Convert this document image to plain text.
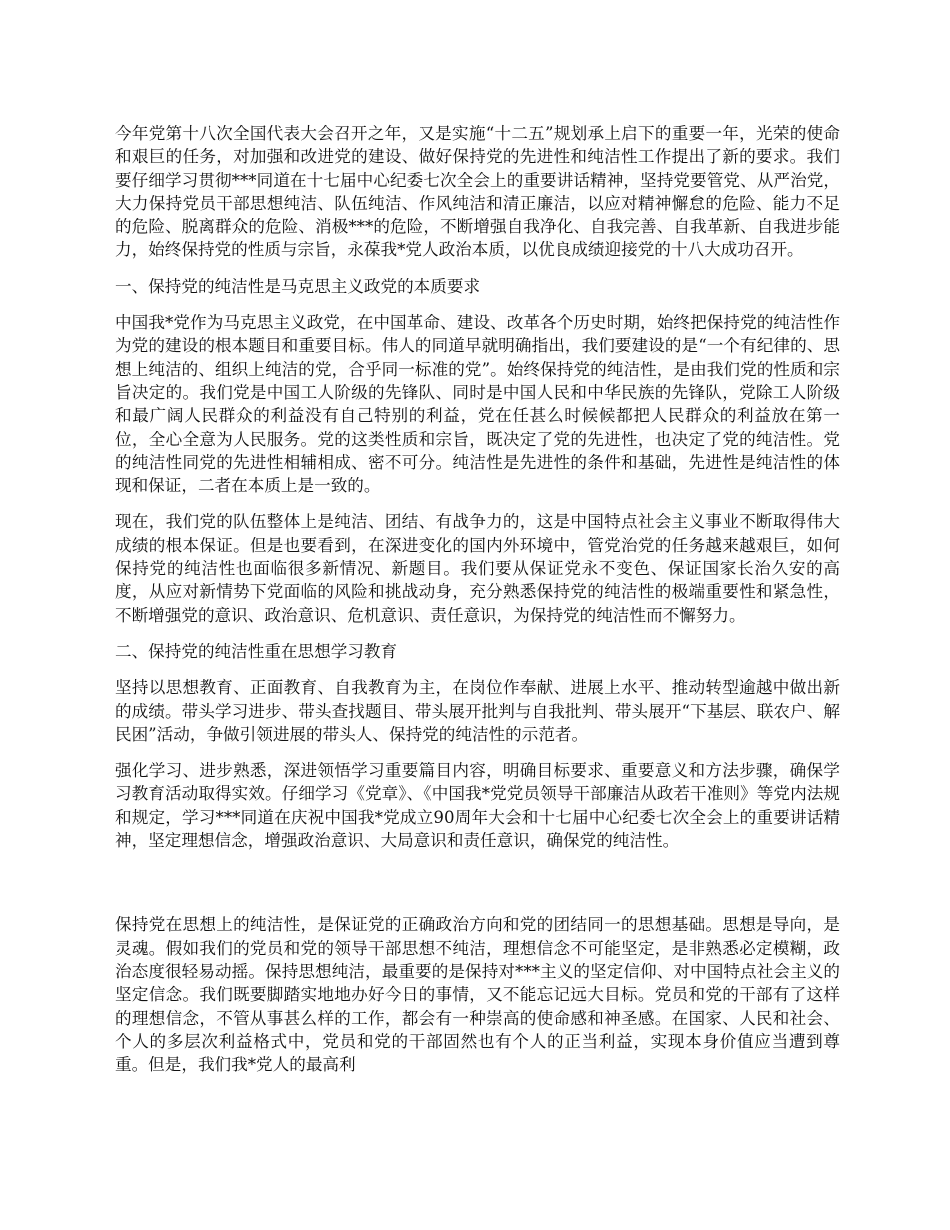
今年党第十八次全国代表大会召开之年，又是实施“十二五”规划承上启下的重要一年，光荣的使命和艰巨的任务，对加强和改进党的建设、做好保持党的先进性和纯洁性工作提出了新的要求。我们要仔细学习贯彻***同道在十七届中心纪委七次全会上的重要讲话精神，坚持党要管党、从严治党，大力保持党员干部思想纯洁、队伍纯洁、作风纯洁和清正廉洁，以应对精神懈怠的危险、能力不足的危险、脱离群众的危险、消极***的危险，不断增强自我净化、自我完善、自我革新、自我进步能力，始终保持党的性质与宗旨，永葆我*党人政治本质，以优良成绩迎接党的十八大成功召开。

一、保持党的纯洁性是马克思主义政党的本质要求

中国我*党作为马克思主义政党，在中国革命、建设、改革各个历史时期，始终把保持党的纯洁性作为党的建设的根本题目和重要目标。伟人的同道早就明确指出，我们要建设的是“一个有纪律的、思想上纯洁的、组织上纯洁的党，合乎同一标准的党”。始终保持党的纯洁性，是由我们党的性质和宗旨决定的。我们党是中国工人阶级的先锋队、同时是中国人民和中华民族的先锋队，党除工人阶级和最广阔人民群众的利益没有自己特别的利益，党在任甚么时候候都把人民群众的利益放在第一位，全心全意为人民服务。党的这类性质和宗旨，既决定了党的先进性，也决定了党的纯洁性。党的纯洁性同党的先进性相辅相成、密不可分。纯洁性是先进性的条件和基础，先进性是纯洁性的体现和保证，二者在本质上是一致的。

现在，我们党的队伍整体上是纯洁、团结、有战争力的，这是中国特点社会主义事业不断取得伟大成绩的根本保证。但是也要看到，在深进变化的国内外环境中，管党治党的任务越来越艰巨，如何保持党的纯洁性也面临很多新情况、新题目。我们要从保证党永不变色、保证国家长治久安的高度，从应对新情势下党面临的风险和挑战动身，充分熟悉保持党的纯洁性的极端重要性和紧急性，不断增强党的意识、政治意识、危机意识、责任意识，为保持党的纯洁性而不懈努力。

二、保持党的纯洁性重在思想学习教育

坚持以思想教育、正面教育、自我教育为主，在岗位作奉献、进展上水平、推动转型逾越中做出新的成绩。带头学习进步、带头查找题目、带头展开批判与自我批判、带头展开“下基层、联农户、解民困”活动，争做引领进展的带头人、保持党的纯洁性的示范者。

强化学习、进步熟悉，深进领悟学习重要篇目内容，明确目标要求、重要意义和方法步骤，确保学习教育活动取得实效。仔细学习《党章》、《中国我*党党员领导干部廉洁从政若干准则》等党内法规和规定，学习***同道在庆祝中国我*党成立90周年大会和十七届中心纪委七次全会上的重要讲话精神，坚定理想信念，增强政治意识、大局意识和责任意识，确保党的纯洁性。

保持党在思想上的纯洁性，是保证党的正确政治方向和党的团结同一的思想基础。思想是导向，是灵魂。假如我们的党员和党的领导干部思想不纯洁，理想信念不可能坚定，是非熟悉必定模糊，政治态度很轻易动摇。保持思想纯洁，最重要的是保持对***主义的坚定信仰、对中国特点社会主义的坚定信念。我们既要脚踏实地地办好今日的事情，又不能忘记远大目标。党员和党的干部有了这样的理想信念，不管从事甚么样的工作，都会有一种崇高的使命感和神圣感。在国家、人民和社会、个人的多层次利益格式中，党员和党的干部固然也有个人的正当利益，实现本身价值应当遭到尊重。但是，我们我*党人的最高利
